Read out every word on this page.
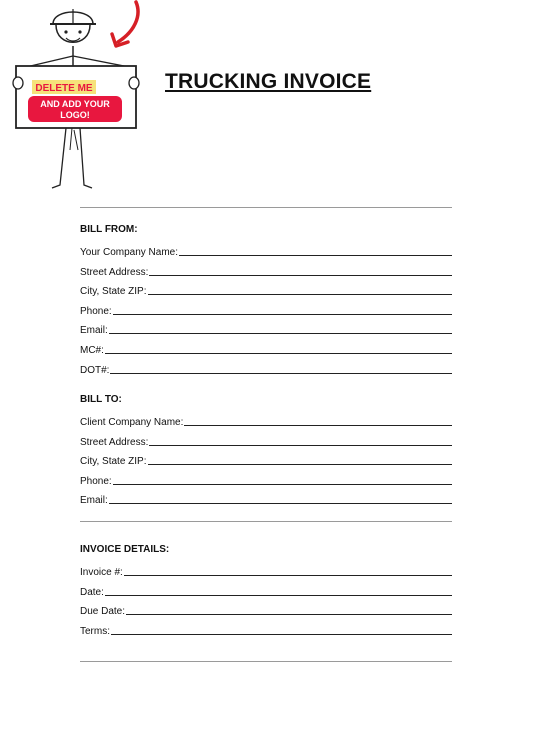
DELETE ME
AND ADD YOUR
LOGO!
TRUCKING INVOICE
BILL FROM:
Your Company Name:
Street Address:
City, State ZIP:
Phone:
Email:
MC#:
DOT#:
BILL TO:
Client Company Name:
Street Address:
City, State ZIP:
Phone:
Email:
INVOICE DETAILS:
Invoice #:
Date:
Due Date:
Terms:
